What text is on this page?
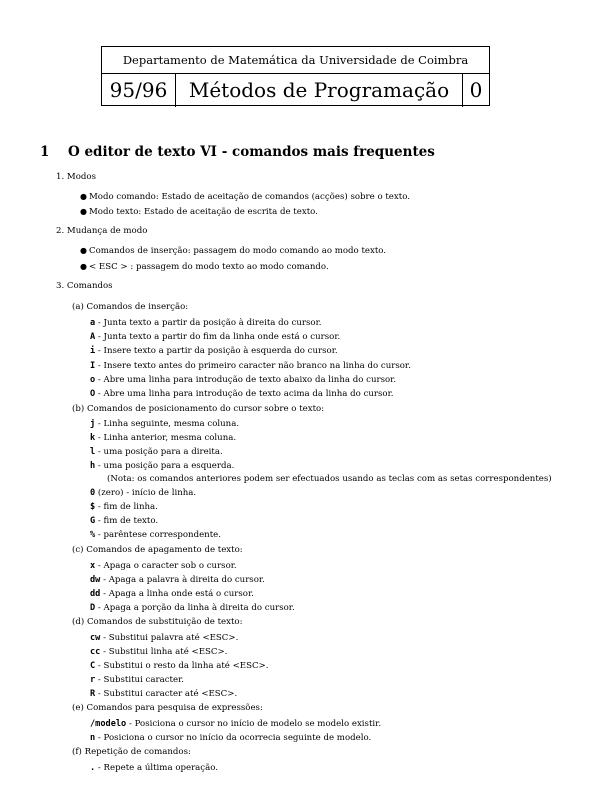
Departamento de Matemática da Universidade de Coimbra
95/96	Métodos de Programação	0
1 O editor de texto VI - comandos mais frequentes
1. Modos
● Modo comando: Estado de aceitação de comandos (acções) sobre o texto.
● Modo texto: Estado de aceitação de escrita de texto.
2. Mudança de modo
● Comandos de inserção: passagem do modo comando ao modo texto.
● < ESC > : passagem do modo texto ao modo comando.
3. Comandos
(a) Comandos de inserção:
a - Junta texto a partir da posição à direita do cursor.
A - Junta texto a partir do fim da linha onde está o cursor.
i - Insere texto a partir da posição à esquerda do cursor.
I - Insere texto antes do primeiro caracter não branco na linha do cursor.
o - Abre uma linha para introdução de texto abaixo da linha do cursor.
O - Abre uma linha para introdução de texto acima da linha do cursor.
(b) Comandos de posicionamento do cursor sobre o texto:
j - Linha seguinte, mesma coluna.
k - Linha anterior, mesma coluna.
l - uma posição para a direita.
h - uma posição para a esquerda.
(Nota: os comandos anteriores podem ser efectuados usando as teclas com as setas correspondentes)
0 (zero) - início de linha.
$ - fim de linha.
G - fim de texto.
% - parêntese correspondente.
(c) Comandos de apagamento de texto:
x - Apaga o caracter sob o cursor.
dw - Apaga a palavra à direita do cursor.
dd - Apaga a linha onde está o cursor.
D - Apaga a porção da linha à direita do cursor.
(d) Comandos de substituição de texto:
cw - Substitui palavra até <ESC>.
cc - Substitui linha até <ESC>.
C - Substitui o resto da linha até <ESC>.
r - Substitui caracter.
R - Substitui caracter até <ESC>.
(e) Comandos para pesquisa de expressões:
/modelo - Posiciona o cursor no início de modelo se modelo existir.
n - Posiciona o cursor no início da ocorrecia seguinte de modelo.
(f) Repetição de comandos:
. - Repete a última operação.
